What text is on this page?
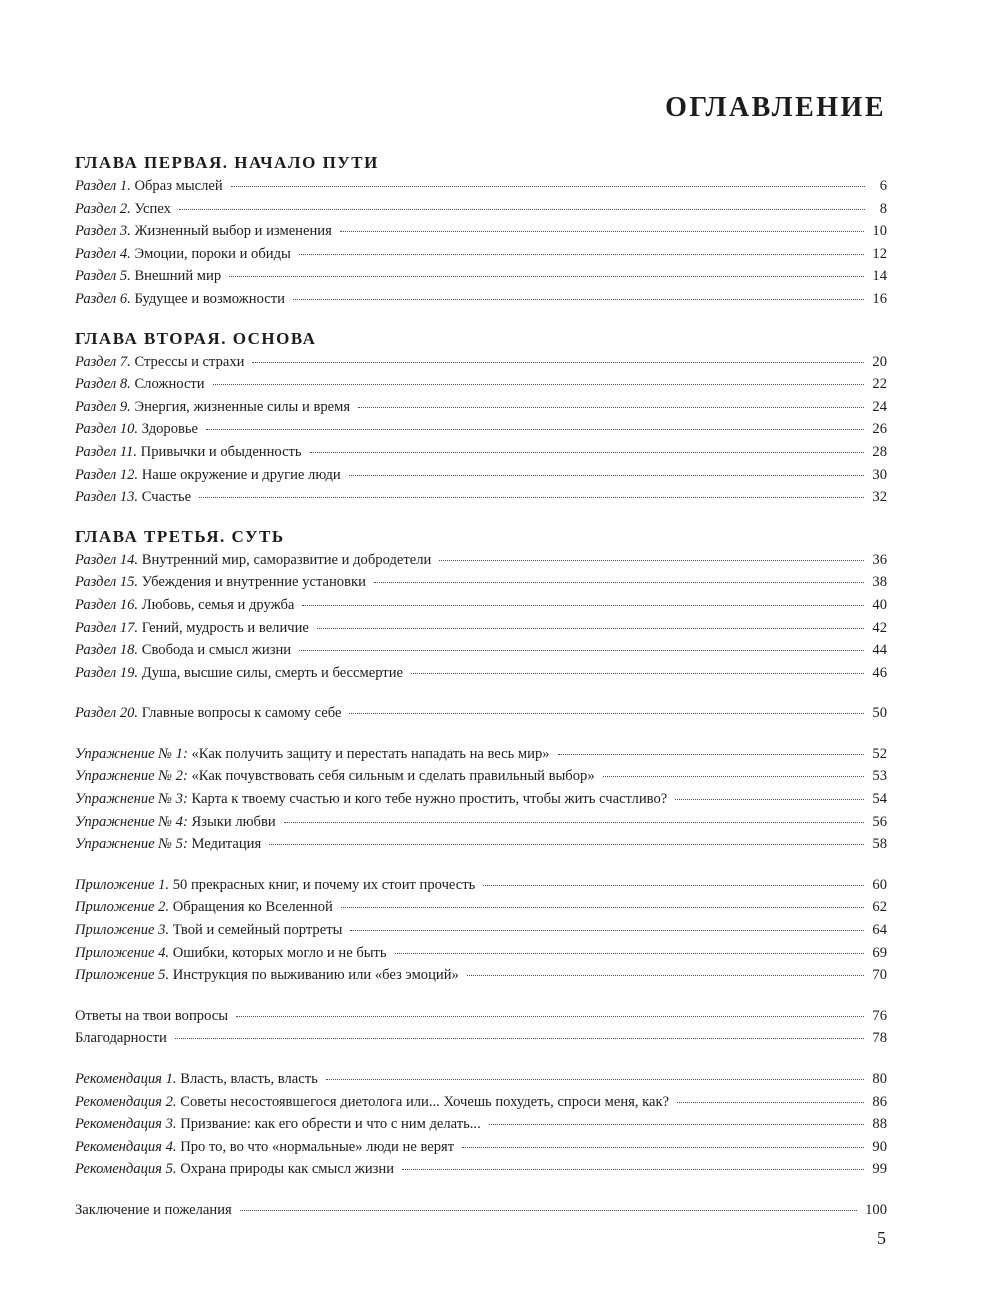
ОГЛАВЛЕНИЕ
ГЛАВА ПЕРВАЯ. НАЧАЛО ПУТИ
Раздел 1. Образ мыслей	6
Раздел 2. Успех	8
Раздел 3. Жизненный выбор и изменения	10
Раздел 4. Эмоции, пороки и обиды	12
Раздел 5. Внешний мир	14
Раздел 6. Будущее и возможности	16
ГЛАВА ВТОРАЯ. ОСНОВА
Раздел 7. Стрессы и страхи	20
Раздел 8. Сложности	22
Раздел 9. Энергия, жизненные силы и время	24
Раздел 10. Здоровье	26
Раздел 11. Привычки и обыденность	28
Раздел 12. Наше окружение и другие люди	30
Раздел 13. Счастье	32
ГЛАВА ТРЕТЬЯ. СУТЬ
Раздел 14. Внутренний мир, саморазвитие и добродетели	36
Раздел 15. Убеждения и внутренние установки	38
Раздел 16. Любовь, семья и дружба	40
Раздел 17. Гений, мудрость и величие	42
Раздел 18. Свобода и смысл жизни	44
Раздел 19. Душа, высшие силы, смерть и бессмертие	46
Раздел 20. Главные вопросы к самому себе	50
Упражнение № 1: «Как получить защиту и перестать нападать на весь мир»	52
Упражнение № 2: «Как почувствовать себя сильным и сделать правильный выбор»	53
Упражнение № 3: Карта к твоему счастью и кого тебе нужно простить, чтобы жить счастливо?	54
Упражнение № 4: Языки любви	56
Упражнение № 5: Медитация	58
Приложение 1. 50 прекрасных книг, и почему их стоит прочесть	60
Приложение 2. Обращения ко Вселенной	62
Приложение 3. Твой и семейный портреты	64
Приложение 4. Ошибки, которых могло и не быть	69
Приложение 5. Инструкция по выживанию или «без эмоций»	70
Ответы на твои вопросы	76
Благодарности	78
Рекомендация 1. Власть, власть, власть	80
Рекомендация 2. Советы несостоявшегося диетолога или... Хочешь похудеть, спроси меня, как?	86
Рекомендация 3. Призвание: как его обрести и что с ним делать...	88
Рекомендация 4. Про то, во что «нормальные» люди не верят	90
Рекомендация 5. Охрана природы как смысл жизни	99
Заключение и пожелания	100
5
